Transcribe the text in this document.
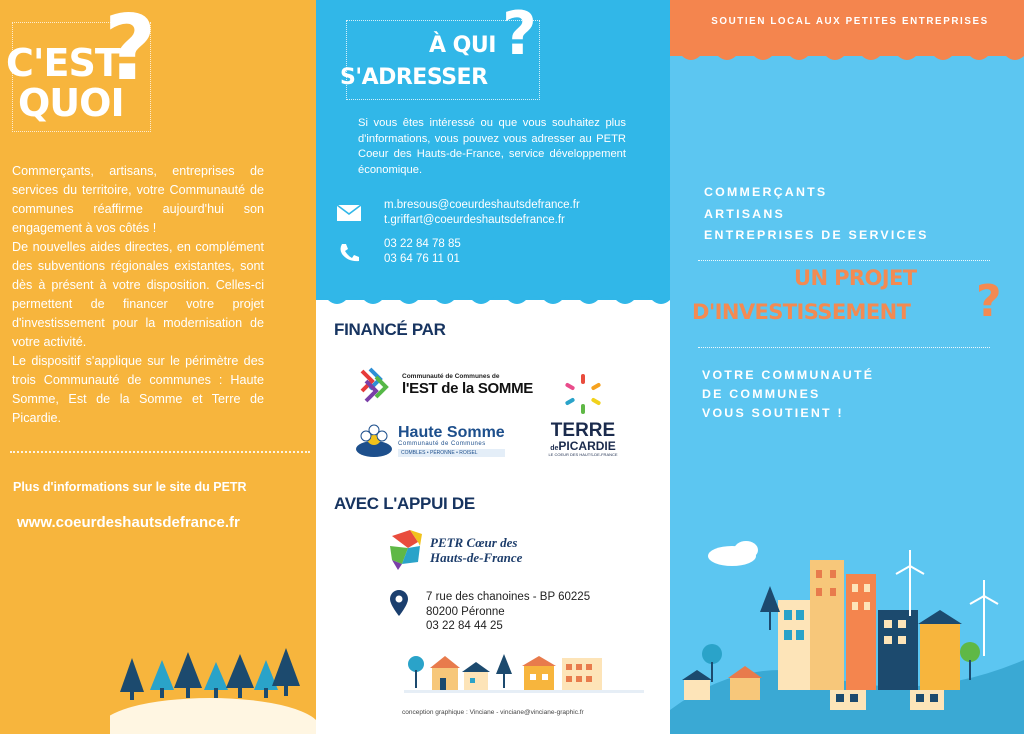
?
C'EST
QUOI

Commerçants, artisans, entreprises de services du territoire, votre Communauté de communes réaffirme aujourd'hui son engagement à vos côtés !

De nouvelles aides directes, en complément des subventions régionales existantes, sont dès à présent à votre disposition. Celles-ci permettent de financer votre projet d'investissement pour la modernisation de votre activité.

Le dispositif s'applique sur le périmètre des trois Communauté de communes : Haute Somme, Est de la Somme et Terre de Picardie.

Plus d'informations sur le site du PETR
www.coeurdeshautsdefrance.fr
?
À QUI
S'ADRESSER
Si vous êtes intéressé ou que vous souhaitez plus d'informations, vous pouvez vous adresser au PETR Coeur des Hauts-de-France, service développement économique.
m.bresous@coeurdeshautsdefrance.fr
t.griffart@coeurdeshautsdefrance.fr
03 22 84 78 85
03 64 76 11 01
FINANCÉ PAR
Communauté de Communes de
l'EST de la SOMME
Haute Somme
Communauté de Communes
COMBLES • PÉRONNE • ROISEL
TERRE
dePICARDIE
LE COEUR DES HAUTS-DE-FRANCE
AVEC L'APPUI DE
PETR Cœur des
Hauts-de-France
7 rue des chanoines - BP 60225
80200 Péronne
03 22 84 44 25
conception graphique : Vinciane - vinciane@vinciane-graphic.fr
SOUTIEN LOCAL AUX PETITES ENTREPRISES
COMMERÇANTS
ARTISANS
ENTREPRISES DE SERVICES
UN PROJET
D'INVESTISSEMENT ?
VOTRE COMMUNAUTÉ
DE COMMUNES
VOUS SOUTIENT !
